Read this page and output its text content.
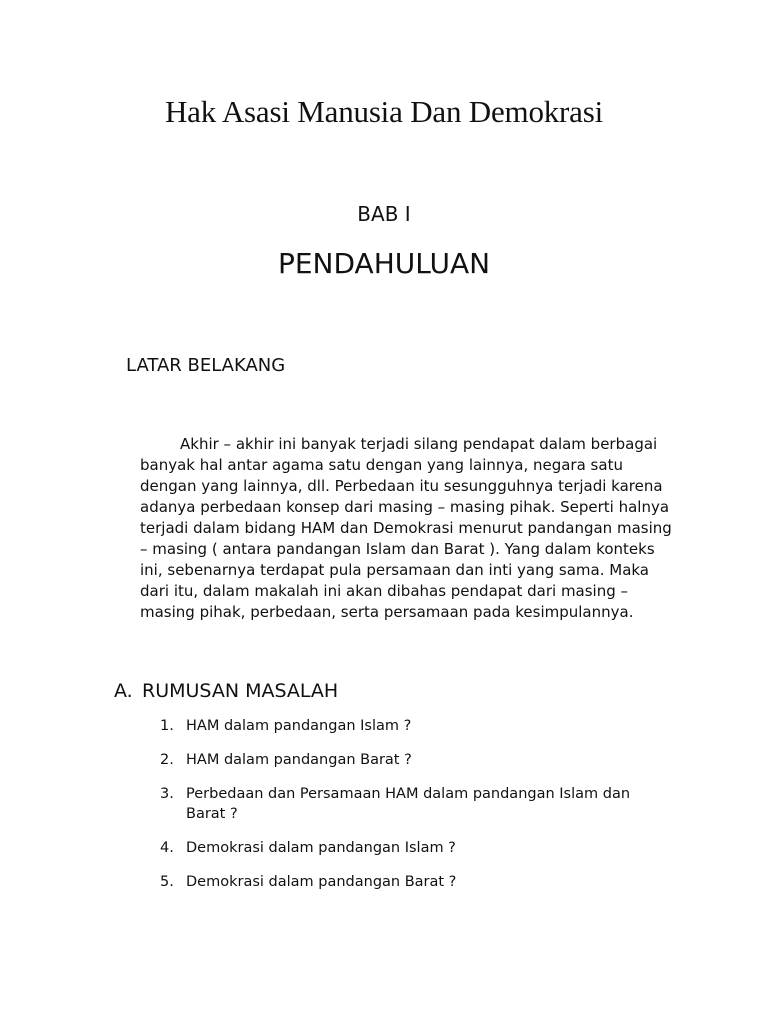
Hak Asasi Manusia Dan Demokrasi
BAB I
PENDAHULUAN
LATAR BELAKANG

Akhir – akhir ini banyak terjadi silang pendapat dalam berbagai banyak hal antar agama satu dengan yang lainnya, negara satu dengan yang lainnya, dll. Perbedaan itu sesungguhnya terjadi karena adanya perbedaan konsep dari masing – masing pihak. Seperti halnya terjadi dalam bidang HAM dan Demokrasi menurut pandangan masing – masing ( antara pandangan Islam dan Barat ). Yang dalam konteks ini, sebenarnya terdapat pula persamaan dan inti yang sama. Maka dari itu, dalam makalah ini akan dibahas pendapat dari masing – masing pihak, perbedaan, serta persamaan pada kesimpulannya.

A. RUMUSAN MASALAH
1. HAM dalam pandangan Islam ?
2. HAM dalam pandangan Barat ?
3. Perbedaan dan Persamaan HAM dalam pandangan Islam dan Barat ?
4. Demokrasi dalam pandangan Islam ?
5. Demokrasi dalam pandangan Barat ?
